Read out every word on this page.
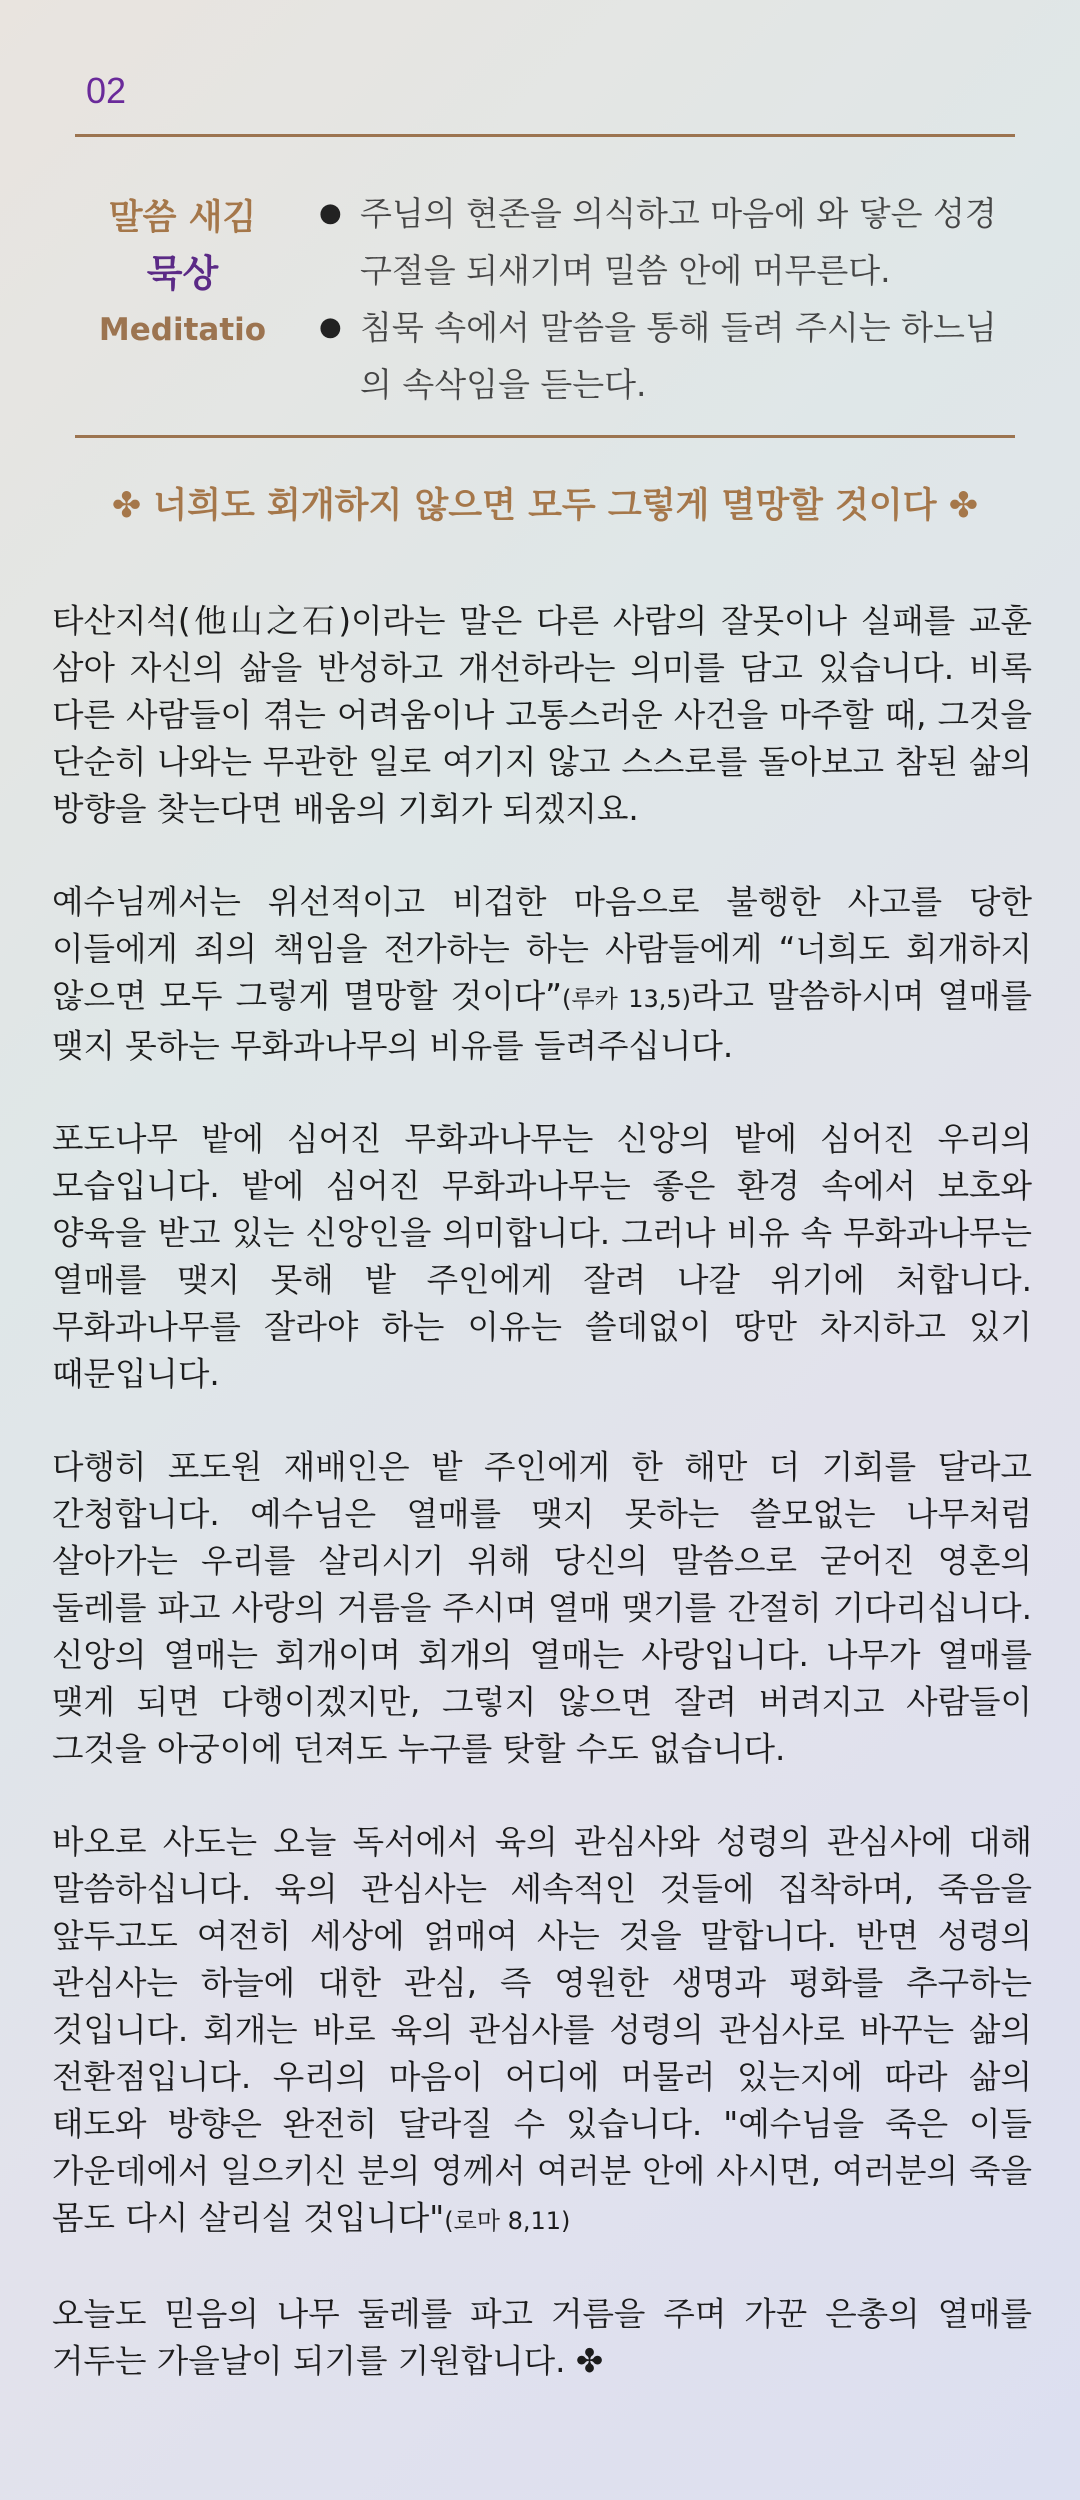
02
말씀 새김
묵상
Meditatio
● 주님의 현존을 의식하고 마음에 와 닿은 성경구절을 되새기며 밀씀 안에 머무른다.
● 침묵 속에서 말씀을 통해 들려 주시는 하느님의 속삭임을 듣는다.
✤ 너희도 회개하지 않으면 모두 그렇게 멸망할 것이다 ✤

타산지석(他山之石)이라는 말은 다른 사람의 잘못이나 실패를 교훈 삼아 자신의 삶을 반성하고 개선하라는 의미를 담고 있습니다. 비록 다른 사람들이 겪는 어려움이나 고통스러운 사건을 마주할 때, 그것을 단순히 나와는 무관한 일로 여기지 않고 스스로를 돌아보고 참된 삶의 방향을 찾는다면 배움의 기회가 되겠지요.

예수님께서는 위선적이고 비겁한 마음으로 불행한 사고를 당한 이들에게 죄의 책임을 전가하는 하는 사람들에게 “너희도 회개하지 않으면 모두 그렇게 멸망할 것이다”(루카 13,5)라고 말씀하시며 열매를 맺지 못하는 무화과나무의 비유를 들려주십니다.

포도나무 밭에 심어진 무화과나무는 신앙의 밭에 심어진 우리의 모습입니다. 밭에 심어진 무화과나무는 좋은 환경 속에서 보호와 양육을 받고 있는 신앙인을 의미합니다. 그러나 비유 속 무화과나무는 열매를 맺지 못해 밭 주인에게 잘려 나갈 위기에 처합니다. 무화과나무를 잘라야 하는 이유는 쓸데없이 땅만 차지하고 있기 때문입니다.

다행히 포도원 재배인은 밭 주인에게 한 해만 더 기회를 달라고 간청합니다. 예수님은 열매를 맺지 못하는 쓸모없는 나무처럼 살아가는 우리를 살리시기 위해 당신의 말씀으로 굳어진 영혼의 둘레를 파고 사랑의 거름을 주시며 열매 맺기를 간절히 기다리십니다. 신앙의 열매는 회개이며 회개의 열매는 사랑입니다. 나무가 열매를 맺게 되면 다행이겠지만, 그렇지 않으면 잘려 버려지고 사람들이 그것을 아궁이에 던져도 누구를 탓할 수도 없습니다.

바오로 사도는 오늘 독서에서 육의 관심사와 성령의 관심사에 대해 말씀하십니다. 육의 관심사는 세속적인 것들에 집착하며, 죽음을 앞두고도 여전히 세상에 얽매여 사는 것을 말합니다. 반면 성령의 관심사는 하늘에 대한 관심, 즉 영원한 생명과 평화를 추구하는 것입니다. 회개는 바로 육의 관심사를 성령의 관심사로 바꾸는 삶의 전환점입니다. 우리의 마음이 어디에 머물러 있는지에 따라 삶의 태도와 방향은 완전히 달라질 수 있습니다. "예수님을 죽은 이들 가운데에서 일으키신 분의 영께서 여러분 안에 사시면, 여러분의 죽을 몸도 다시 살리실 것입니다"(로마 8,11)

오늘도 믿음의 나무 둘레를 파고 거름을 주며 가꾼 은총의 열매를 거두는 가을날이 되기를 기원합니다. ✤
